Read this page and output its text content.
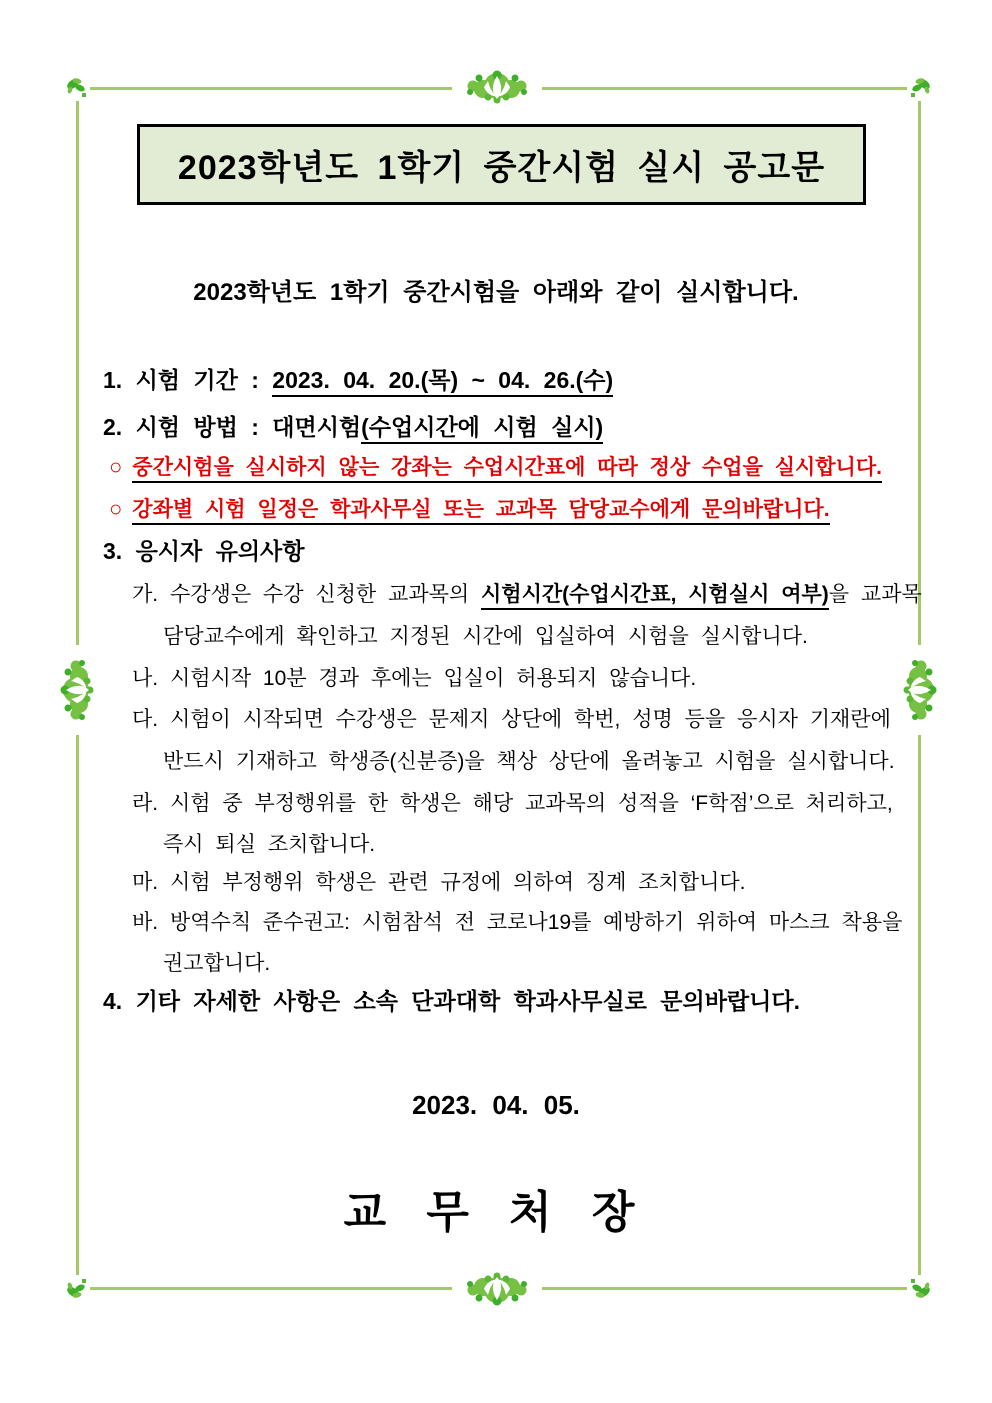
2023학년도 1학기 중간시험 실시 공고문
2023학년도 1학기 중간시험을 아래와 같이 실시합니다.
1. 시험 기간 : 2023. 04. 20.(목) ~ 04. 26.(수)
2. 시험 방법 : 대면시험(수업시간에 시험 실시)
○ 중간시험을 실시하지 않는 강좌는 수업시간표에 따라 정상 수업을 실시합니다.
○ 강좌별 시험 일정은 학과사무실 또는 교과목 담당교수에게 문의바랍니다.
3. 응시자 유의사항
가. 수강생은 수강 신청한 교과목의 시험시간(수업시간표, 시험실시 여부)을 교과목
담당교수에게 확인하고 지정된 시간에 입실하여 시험을 실시합니다.
나. 시험시작 10분 경과 후에는 입실이 허용되지 않습니다.
다. 시험이 시작되면 수강생은 문제지 상단에 학번, 성명 등을 응시자 기재란에
반드시 기재하고 학생증(신분증)을 책상 상단에 올려놓고 시험을 실시합니다.
라. 시험 중 부정행위를 한 학생은 해당 교과목의 성적을 ‘F학점’으로 처리하고,
즉시 퇴실 조치합니다.
마. 시험 부정행위 학생은 관련 규정에 의하여 징계 조치합니다.
바. 방역수칙 준수권고: 시험참석 전 코로나19를 예방하기 위하여 마스크 착용을
권고합니다.
4. 기타 자세한 사항은 소속 단과대학 학과사무실로 문의바랍니다.
2023. 04. 05.
교 무 처 장
